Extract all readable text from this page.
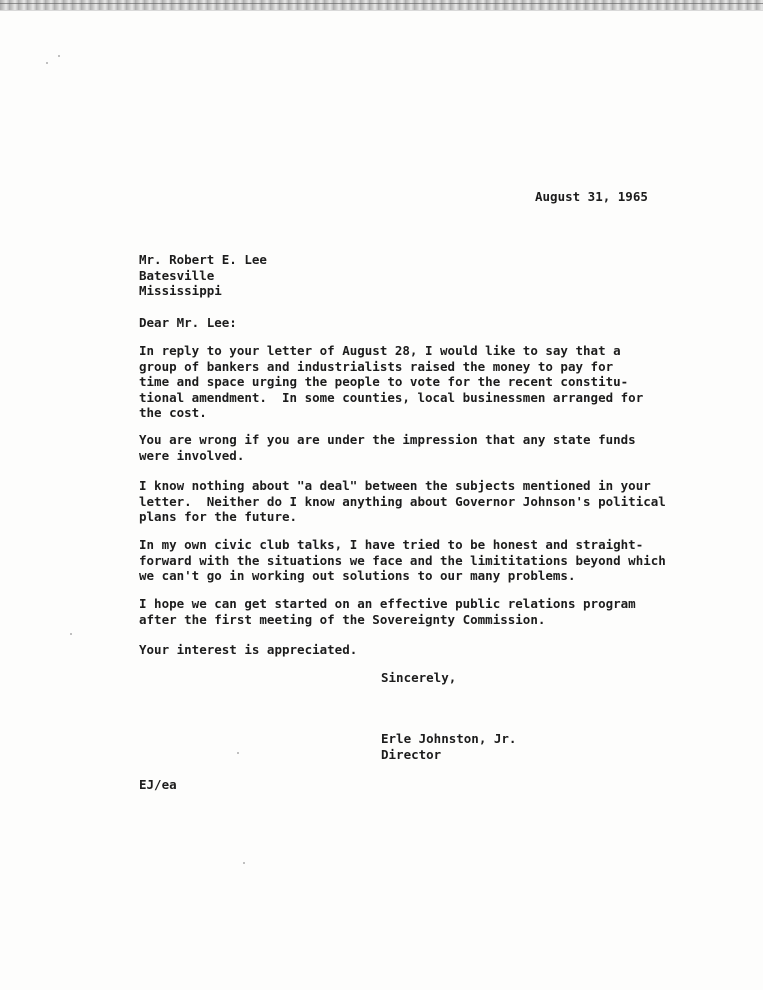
August 31, 1965
Mr. Robert E. Lee
Batesville
Mississippi
Dear Mr. Lee:
In reply to your letter of August 28, I would like to say that a
group of bankers and industrialists raised the money to pay for
time and space urging the people to vote for the recent constitu-
tional amendment.  In some counties, local businessmen arranged for
the cost.
You are wrong if you are under the impression that any state funds
were involved.
I know nothing about "a deal" between the subjects mentioned in your
letter.  Neither do I know anything about Governor Johnson's political
plans for the future.
In my own civic club talks, I have tried to be honest and straight-
forward with the situations we face and the limititations beyond which
we can't go in working out solutions to our many problems.
I hope we can get started on an effective public relations program
after the first meeting of the Sovereignty Commission.
Your interest is appreciated.
Sincerely,
Erle Johnston, Jr.
Director
EJ/ea
